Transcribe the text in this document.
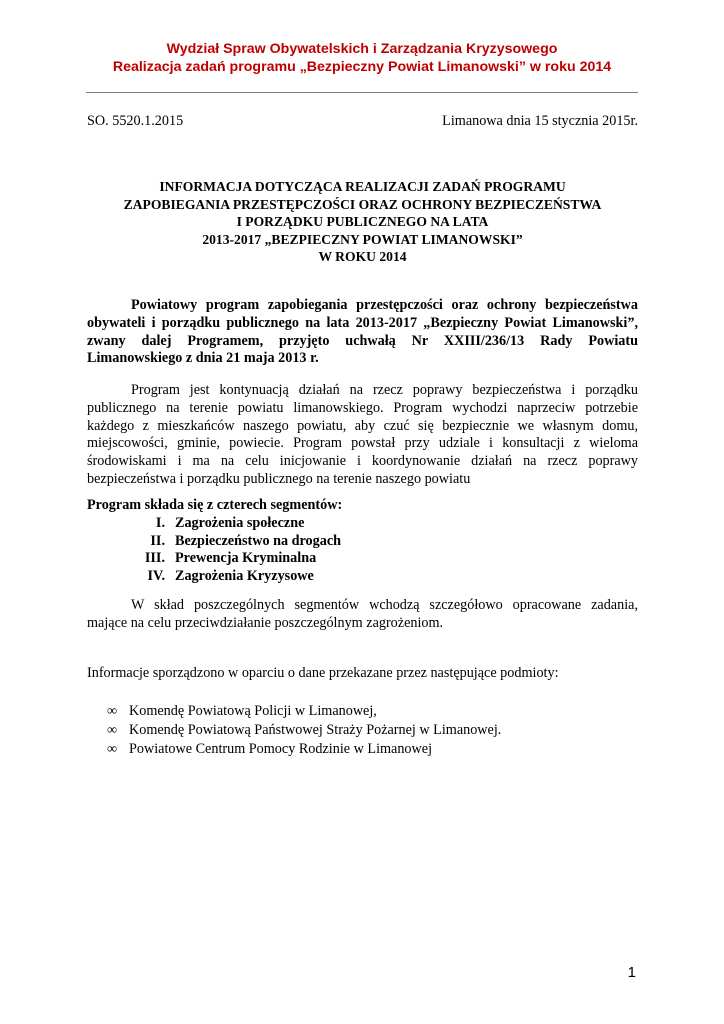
Wydział Spraw Obywatelskich i Zarządzania Kryzysowego
Realizacja zadań programu „Bezpieczny Powiat Limanowski” w roku 2014
SO. 5520.1.2015	Limanowa dnia 15 stycznia 2015r.
INFORMACJA DOTYCZĄCA REALIZACJI ZADAŃ PROGRAMU
ZAPOBIEGANIA PRZESTĘPCZOŚCI ORAZ OCHRONY BEZPIECZEŃSTWA
I PORZĄDKU PUBLICZNEGO NA LATA
2013-2017 „BEZPIECZNY POWIAT LIMANOWSKI”
W ROKU 2014
Powiatowy program zapobiegania przestępczości oraz ochrony bezpieczeństwa
obywateli i porządku publicznego na lata 2013-2017 „Bezpieczny Powiat Limanowski”,
zwany dalej Programem, przyjęto uchwałą Nr XXIII/236/13 Rady Powiatu
Limanowskiego z dnia 21 maja 2013 r.
Program jest kontynuacją działań na rzecz poprawy bezpieczeństwa i porządku
publicznego na terenie powiatu limanowskiego. Program wychodzi naprzeciw potrzebie
każdego z mieszkańców naszego powiatu, aby czuć się bezpiecznie we własnym domu,
miejscowości, gminie, powiecie. Program powstał przy udziale i konsultacji z wieloma
środowiskami i ma na celu inicjowanie i koordynowanie działań na rzecz poprawy
bezpieczeństwa i porządku publicznego na terenie naszego powiatu
Program składa się z czterech segmentów:
I. Zagrożenia społeczne
II. Bezpieczeństwo na drogach
III. Prewencja Kryminalna
IV. Zagrożenia Kryzysowe
W skład poszczególnych segmentów wchodzą szczegółowo opracowane zadania,
mające na celu przeciwdziałanie poszczególnym zagrożeniom.
Informacje sporządzono w oparciu o dane przekazane przez następujące podmioty:
∞ Komendę Powiatową Policji w Limanowej,
∞ Komendę Powiatową Państwowej Straży Pożarnej w Limanowej.
∞ Powiatowe Centrum Pomocy Rodzinie w Limanowej
1
